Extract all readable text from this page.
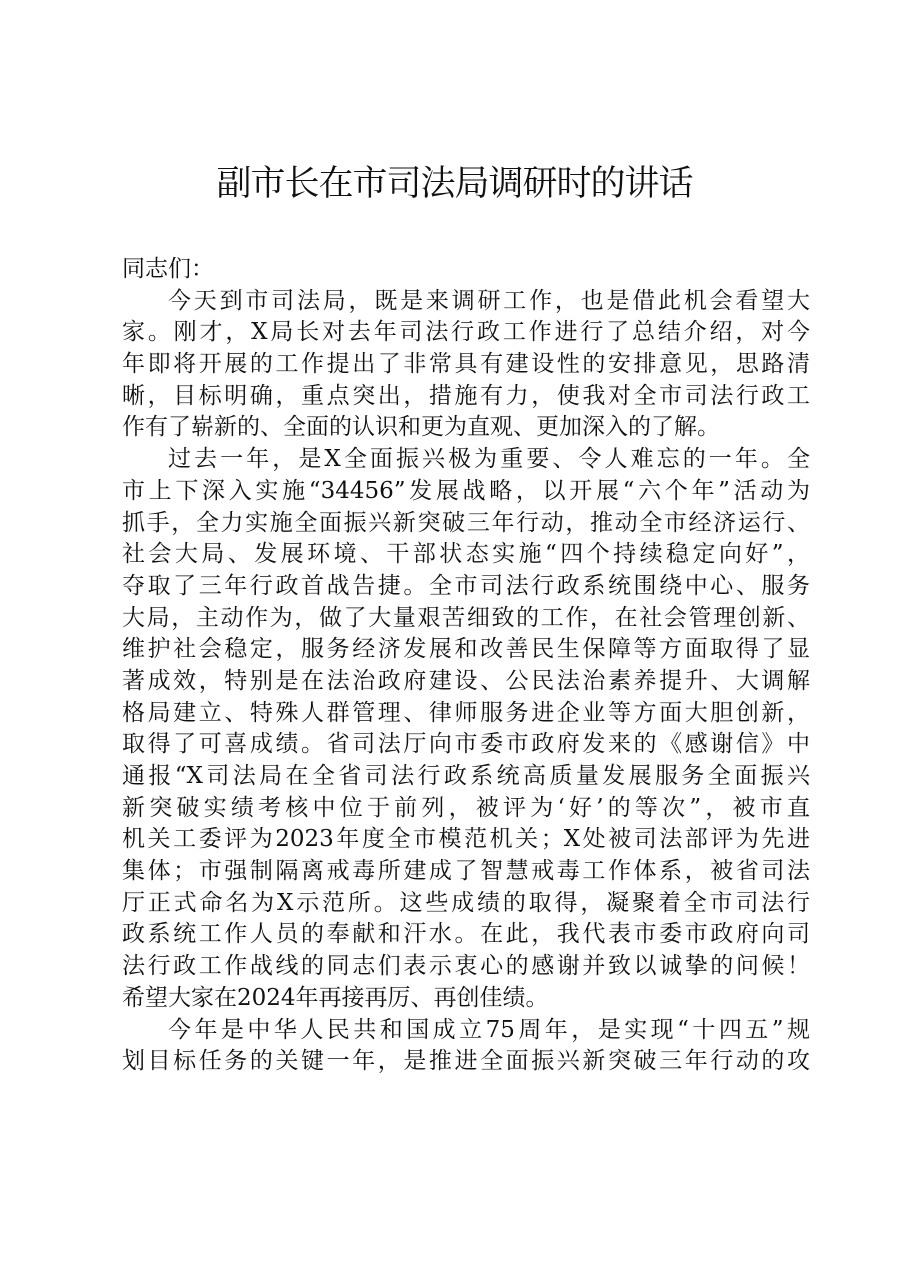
副市长在市司法局调研时的讲话
同志们：
今天到市司法局，既是来调研工作，也是借此机会看望大
家。刚才，X局长对去年司法行政工作进行了总结介绍，对今
年即将开展的工作提出了非常具有建设性的安排意见，思路清
晰，目标明确，重点突出，措施有力，使我对全市司法行政工
作有了崭新的、全面的认识和更为直观、更加深入的了解。
过去一年，是X全面振兴极为重要、令人难忘的一年。全
市上下深入实施“34456”发展战略，以开展“六个年”活动为
抓手，全力实施全面振兴新突破三年行动，推动全市经济运行、
社会大局、发展环境、干部状态实施“四个持续稳定向好”，
夺取了三年行政首战告捷。全市司法行政系统围绕中心、服务
大局，主动作为，做了大量艰苦细致的工作，在社会管理创新、
维护社会稳定，服务经济发展和改善民生保障等方面取得了显
著成效，特别是在法治政府建设、公民法治素养提升、大调解
格局建立、特殊人群管理、律师服务进企业等方面大胆创新，
取得了可喜成绩。省司法厅向市委市政府发来的《感谢信》中
通报“X司法局在全省司法行政系统高质量发展服务全面振兴
新突破实绩考核中位于前列，被评为‘好’的等次”，被市直
机关工委评为2023年度全市模范机关；X处被司法部评为先进
集体；市强制隔离戒毒所建成了智慧戒毒工作体系，被省司法
厅正式命名为X示范所。这些成绩的取得，凝聚着全市司法行
政系统工作人员的奉献和汗水。在此，我代表市委市政府向司
法行政工作战线的同志们表示衷心的感谢并致以诚挚的问候！
希望大家在2024年再接再厉、再创佳绩。
今年是中华人民共和国成立75周年，是实现“十四五”规
划目标任务的关键一年，是推进全面振兴新突破三年行动的攻
